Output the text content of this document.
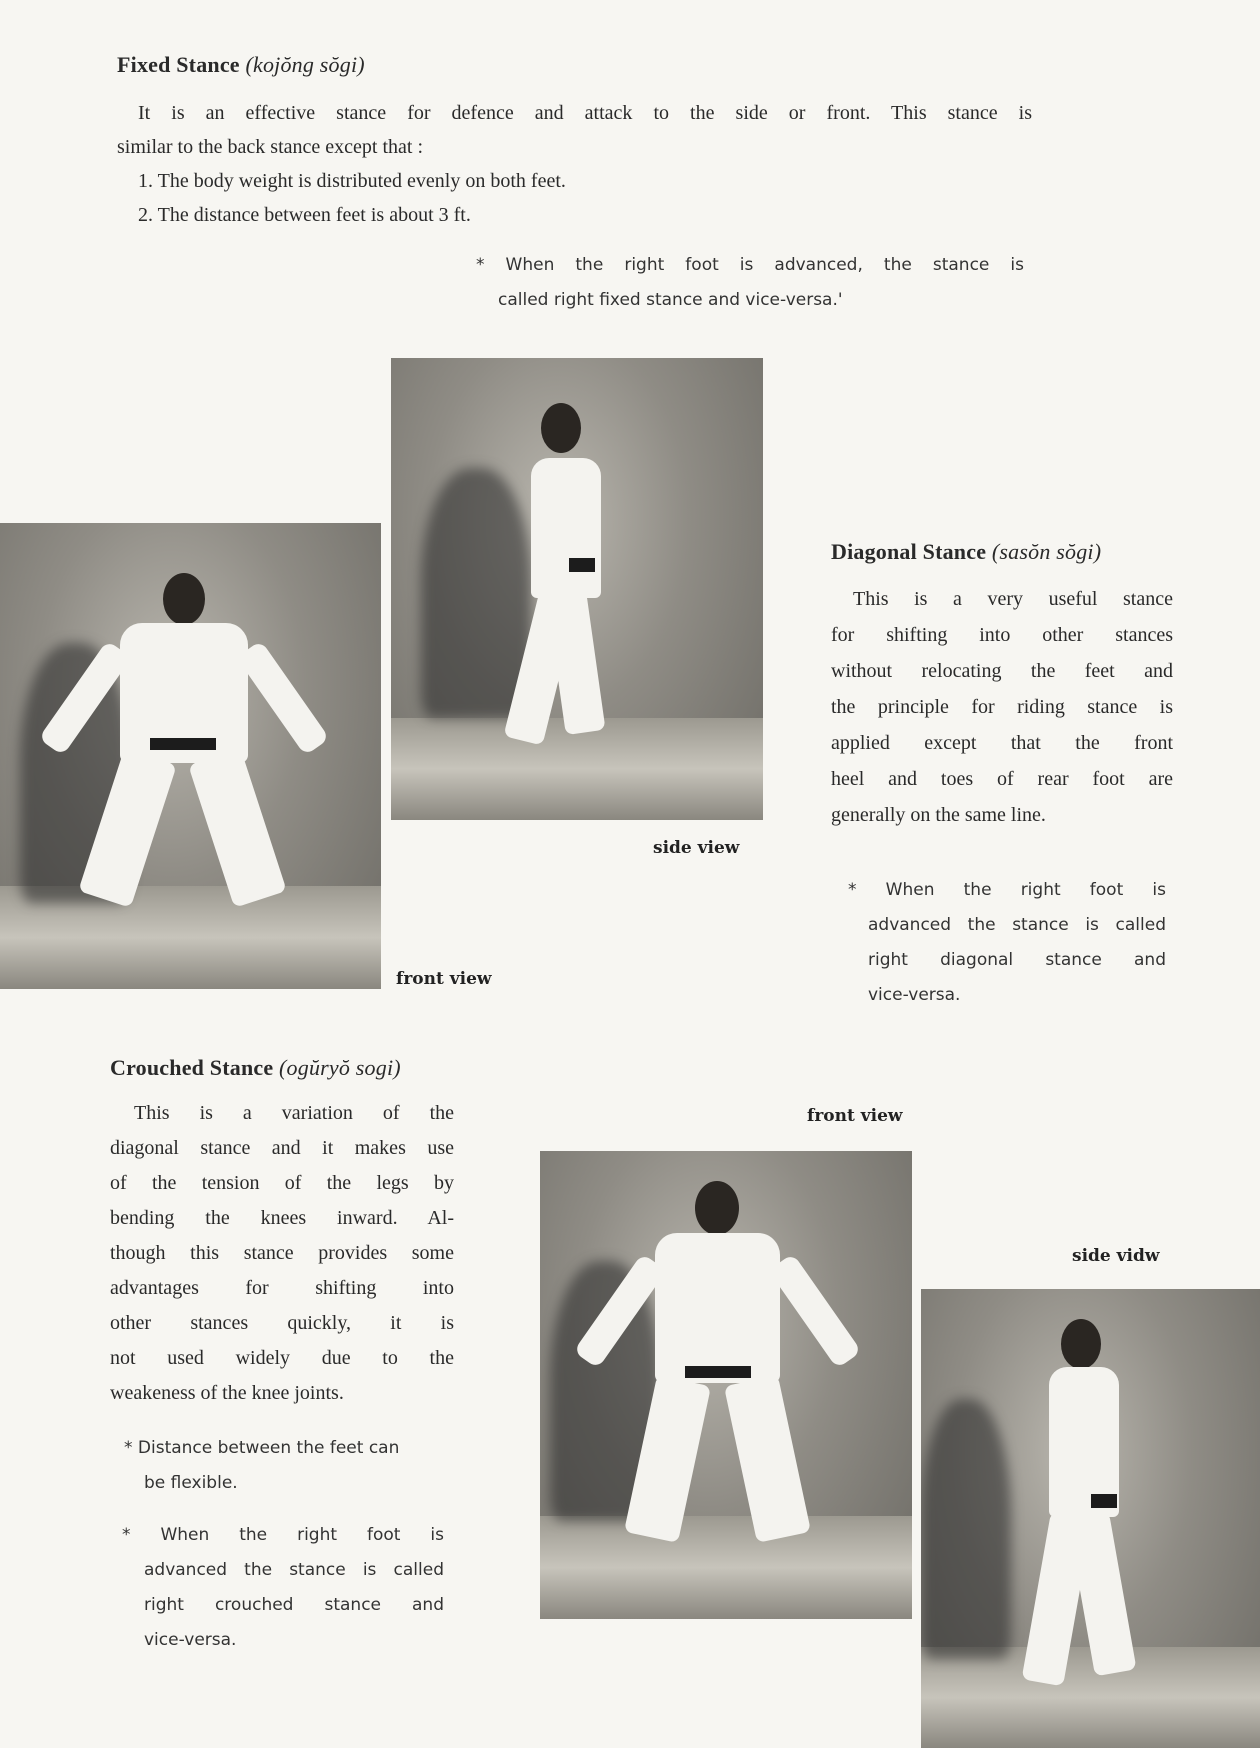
Fixed Stance (kojŏng sŏgi)
It is an effective stance for defence and attack to the side or front. This stance is
similar to the back stance except that :
1. The body weight is distributed evenly on both feet.
2. The distance between feet is about 3 ft.
* When the right foot is advanced, the stance is
called right fixed stance and vice-versa.'
side view
front view
Diagonal Stance (sasŏn sŏgi)
This is a very useful stance
for shifting into other stances
without relocating the feet and
the principle for riding stance is
applied except that the front
heel and toes of rear foot are
generally on the same line.
* When the right foot is
advanced the stance is called
right diagonal stance and
vice-versa.
Crouched Stance (ogŭryŏ sogi)
This is a variation of the
diagonal stance and it makes use
of the tension of the legs by
bending the knees inward. Al-
though this stance provides some
advantages for shifting into
other stances quickly, it is
not used widely due to the
weakeness of the knee joints.
* Distance between the feet can
be flexible.
* When the right foot is
advanced the stance is called
right crouched stance and
vice-versa.
front view
side vidw
